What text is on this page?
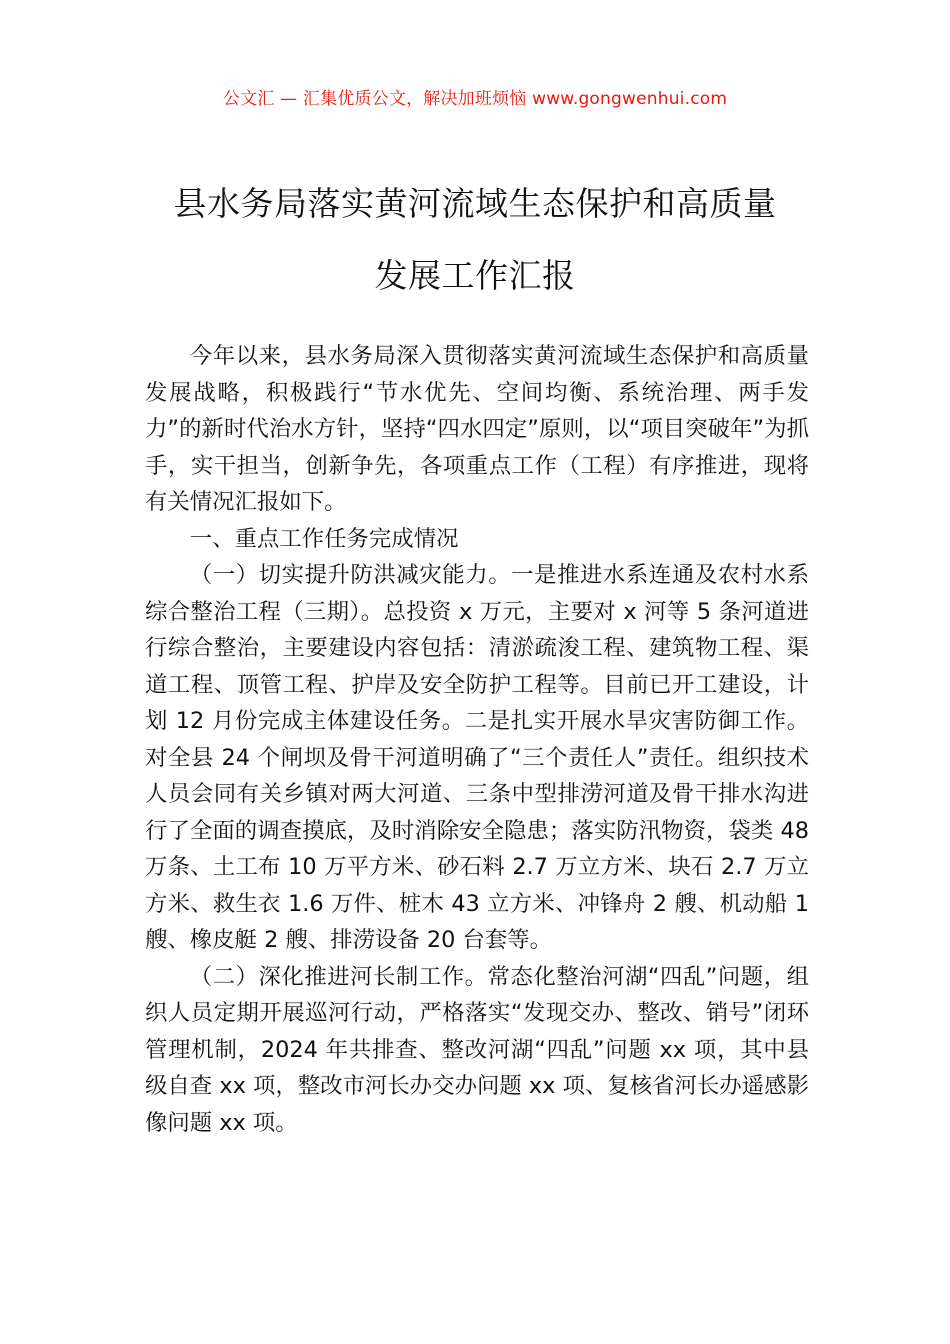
公文汇 — 汇集优质公文，解决加班烦恼 www.gongwenhui.com
县水务局落实黄河流域生态保护和高质量
发展工作汇报

今年以来，县水务局深入贯彻落实黄河流域生态保护和高质量发展战略，积极践行“节水优先、空间均衡、系统治理、两手发力”的新时代治水方针，坚持“四水四定”原则，以“项目突破年”为抓手，实干担当，创新争先，各项重点工作（工程）有序推进，现将有关情况汇报如下。

一、重点工作任务完成情况

（一）切实提升防洪减灾能力。一是推进水系连通及农村水系综合整治工程（三期）。总投资 x 万元，主要对 x 河等 5 条河道进行综合整治，主要建设内容包括：清淤疏浚工程、建筑物工程、渠道工程、顶管工程、护岸及安全防护工程等。目前已开工建设，计划 12 月份完成主体建设任务。二是扎实开展水旱灾害防御工作。对全县 24 个闸坝及骨干河道明确了“三个责任人”责任。组织技术人员会同有关乡镇对两大河道、三条中型排涝河道及骨干排水沟进行了全面的调查摸底，及时消除安全隐患；落实防汛物资，袋类 48 万条、土工布 10 万平方米、砂石料 2.7 万立方米、块石 2.7 万立方米、救生衣 1.6 万件、桩木 43 立方米、冲锋舟 2 艘、机动船 1 艘、橡皮艇 2 艘、排涝设备 20 台套等。

（二）深化推进河长制工作。常态化整治河湖“四乱”问题，组织人员定期开展巡河行动，严格落实“发现交办、整改、销号”闭环管理机制，2024 年共排查、整改河湖“四乱”问题 xx 项，其中县级自查 xx 项，整改市河长办交办问题 xx 项、复核省河长办遥感影像问题 xx 项。
